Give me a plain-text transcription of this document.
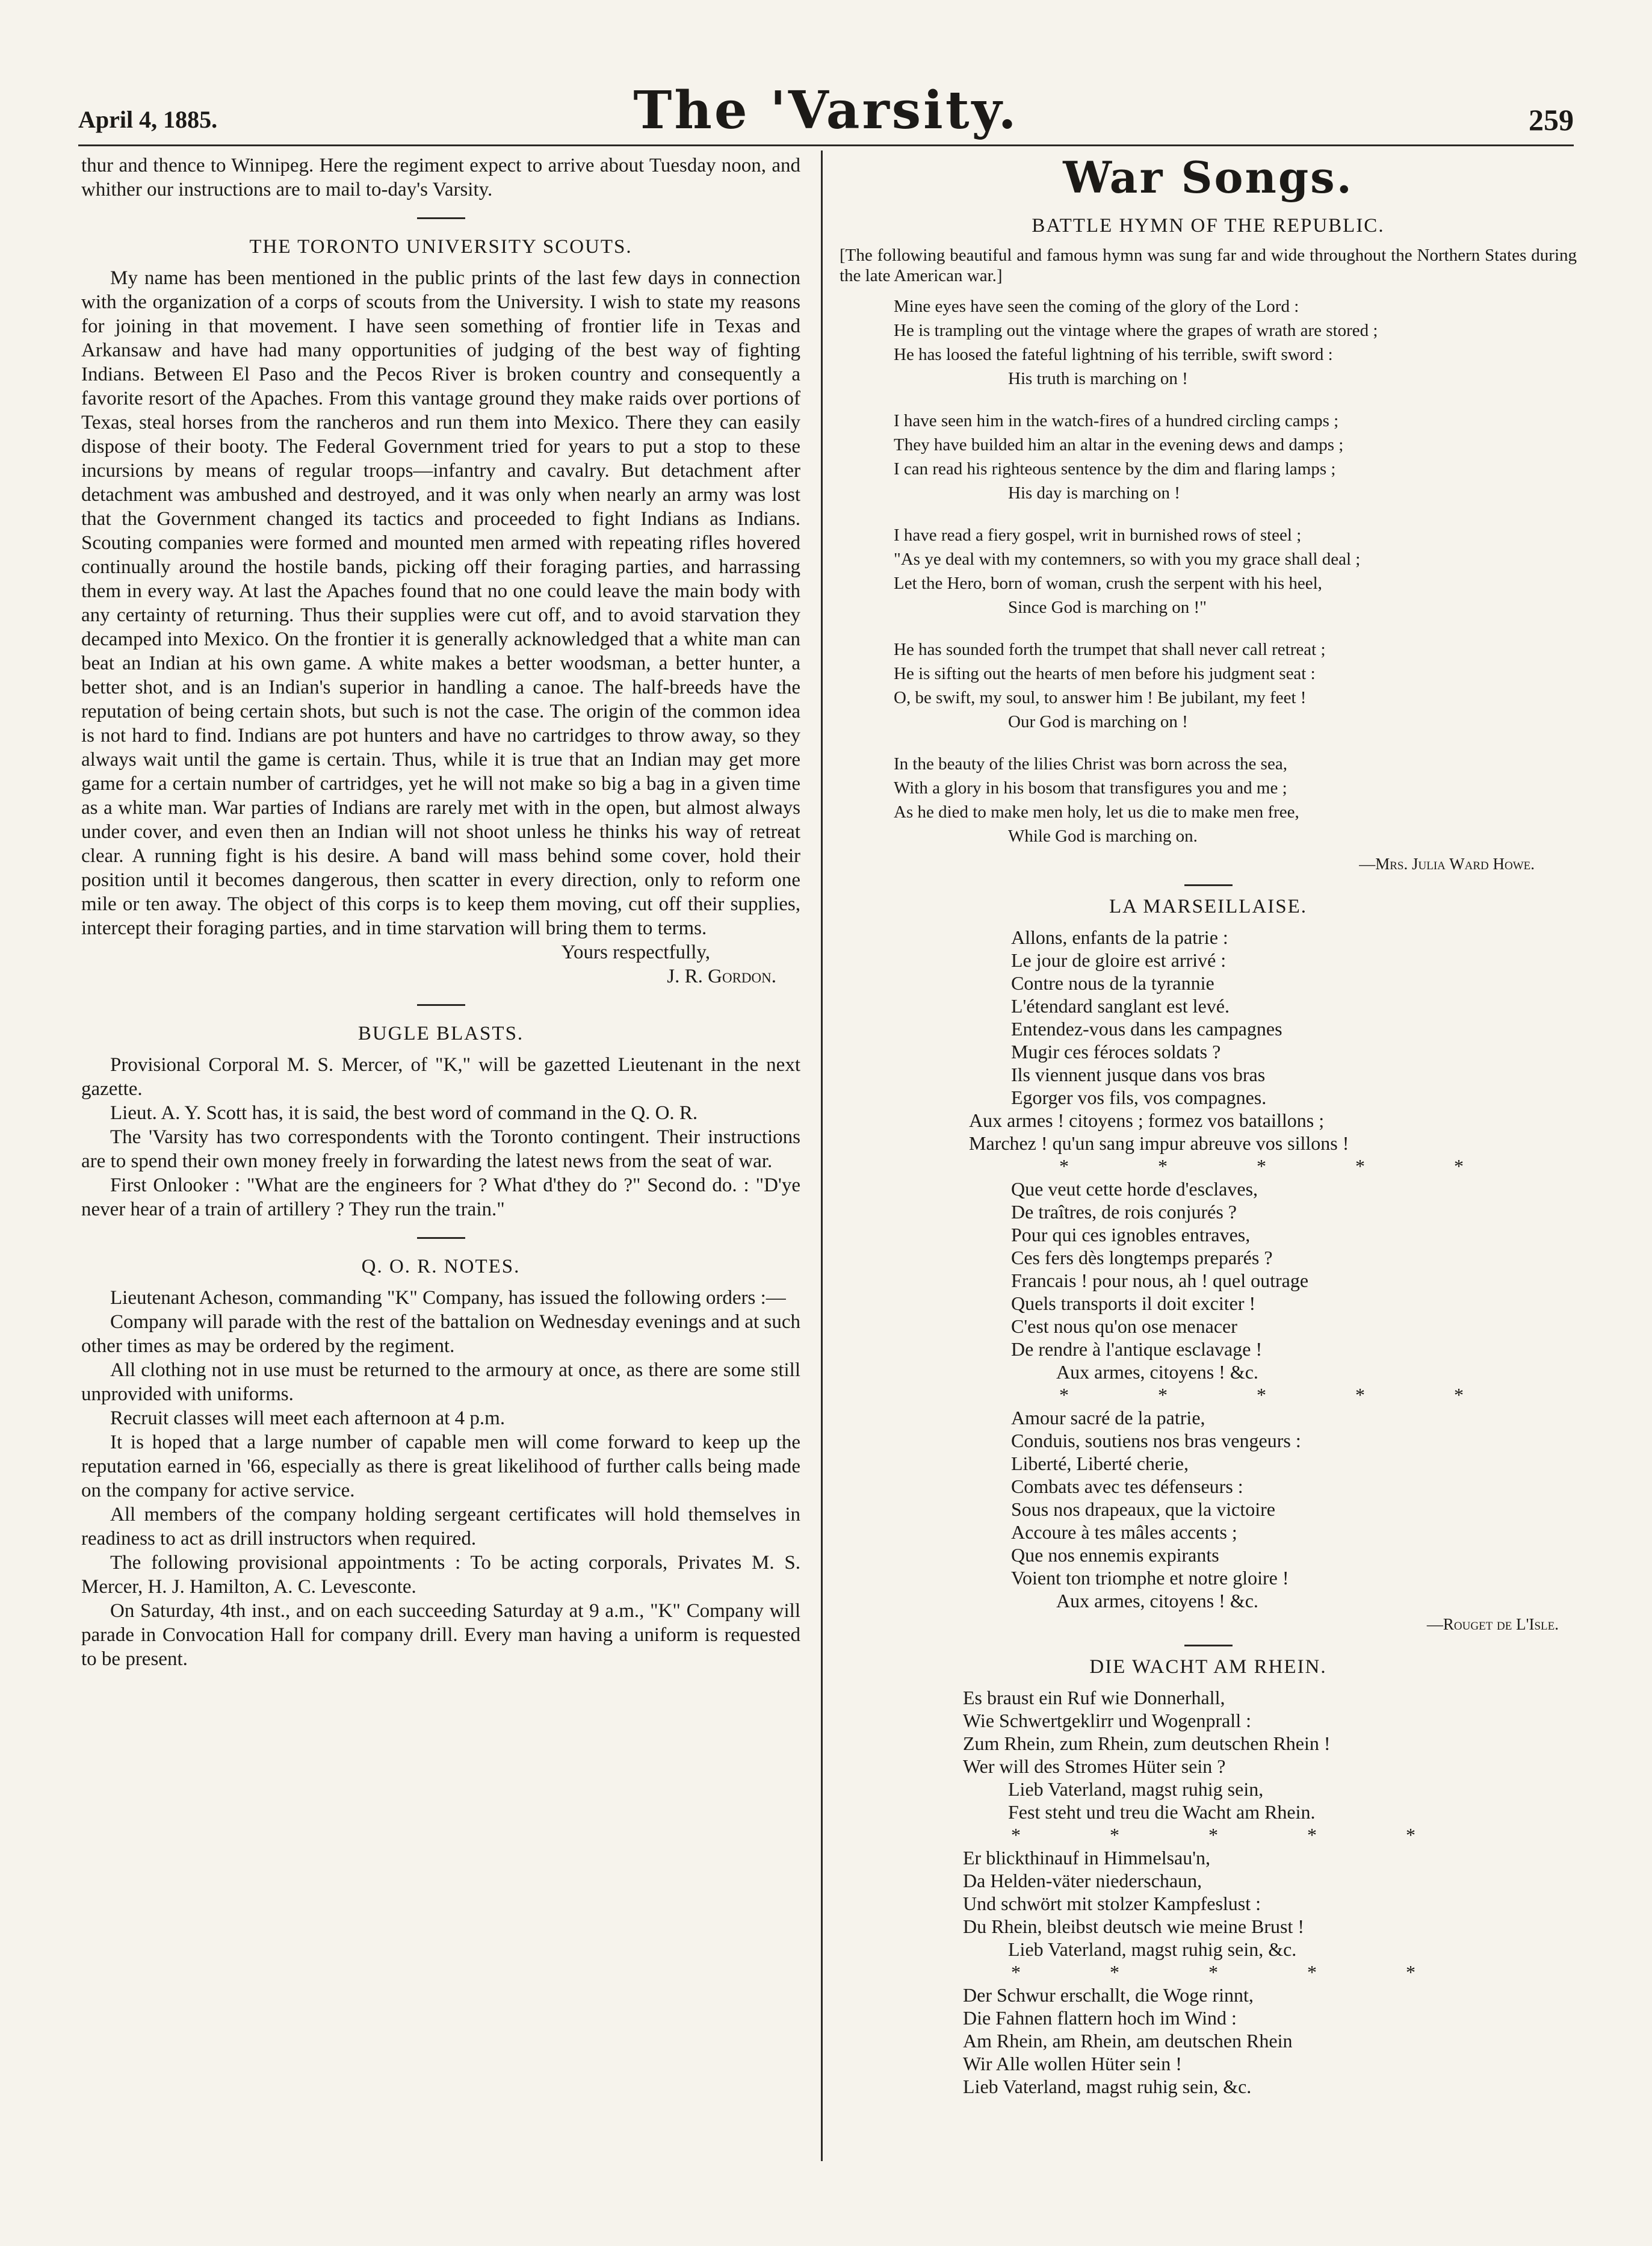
April 4, 1885.	The 'Varsity.	259

thur and thence to Winnipeg. Here the regiment expect to arrive about Tuesday noon, and whither our instructions are to mail to-day's Varsity.

THE TORONTO UNIVERSITY SCOUTS.

My name has been mentioned in the public prints of the last few days in connection with the organization of a corps of scouts from the University. I wish to state my reasons for joining in that movement. I have seen something of frontier life in Texas and Arkansaw and have had many opportunities of judging of the best way of fighting Indians. Between El Paso and the Pecos River is broken country and consequently a favorite resort of the Apaches. From this vantage ground they make raids over portions of Texas, steal horses from the rancheros and run them into Mexico. There they can easily dispose of their booty. The Federal Government tried for years to put a stop to these incursions by means of regular troops—infantry and cavalry. But detachment after detachment was ambushed and destroyed, and it was only when nearly an army was lost that the Government changed its tactics and proceeded to fight Indians as Indians. Scouting companies were formed and mounted men armed with repeating rifles hovered continually around the hostile bands, picking off their foraging parties, and harrassing them in every way. At last the Apaches found that no one could leave the main body with any certainty of returning. Thus their supplies were cut off, and to avoid starvation they decamped into Mexico. On the frontier it is generally acknowledged that a white man can beat an Indian at his own game. A white makes a better woodsman, a better hunter, a better shot, and is an Indian's superior in handling a canoe. The half-breeds have the reputation of being certain shots, but such is not the case. The origin of the common idea is not hard to find. Indians are pot hunters and have no cartridges to throw away, so they always wait until the game is certain. Thus, while it is true that an Indian may get more game for a certain number of cartridges, yet he will not make so big a bag in a given time as a white man. War parties of Indians are rarely met with in the open, but almost always under cover, and even then an Indian will not shoot unless he thinks his way of retreat clear. A running fight is his desire. A band will mass behind some cover, hold their position until it becomes dangerous, then scatter in every direction, only to reform one mile or ten away. The object of this corps is to keep them moving, cut off their supplies, intercept their foraging parties, and in time starvation will bring them to terms.

Yours respectfully,
J. R. Gordon.
BUGLE BLASTS.

Provisional Corporal M. S. Mercer, of "K," will be gazetted Lieutenant in the next gazette.

Lieut. A. Y. Scott has, it is said, the best word of command in the Q. O. R.

The 'Varsity has two correspondents with the Toronto contingent. Their instructions are to spend their own money freely in forwarding the latest news from the seat of war.

First Onlooker : "What are the engineers for ? What d'they do ?" Second do. : "D'ye never hear of a train of artillery ? They run the train."

Q. O. R. NOTES.

Lieutenant Acheson, commanding "K" Company, has issued the following orders :—

Company will parade with the rest of the battalion on Wednesday evenings and at such other times as may be ordered by the regiment.

All clothing not in use must be returned to the armoury at once, as there are some still unprovided with uniforms.

Recruit classes will meet each afternoon at 4 p.m.

It is hoped that a large number of capable men will come forward to keep up the reputation earned in '66, especially as there is great likelihood of further calls being made on the company for active service.

All members of the company holding sergeant certificates will hold themselves in readiness to act as drill instructors when required.

The following provisional appointments : To be acting corporals, Privates M. S. Mercer, H. J. Hamilton, A. C. Levesconte.

On Saturday, 4th inst., and on each succeeding Saturday at 9 a.m., "K" Company will parade in Convocation Hall for company drill. Every man having a uniform is requested to be present.

War Songs.
BATTLE HYMN OF THE REPUBLIC.

[The following beautiful and famous hymn was sung far and wide throughout the Northern States during the late American war.]

Mine eyes have seen the coming of the glory of the Lord :
He is trampling out the vintage where the grapes of wrath are stored ;
He has loosed the fateful lightning of his terrible, swift sword :
His truth is marching on !
I have seen him in the watch-fires of a hundred circling camps ;
They have builded him an altar in the evening dews and damps ;
I can read his righteous sentence by the dim and flaring lamps ;
His day is marching on !
I have read a fiery gospel, writ in burnished rows of steel ;
"As ye deal with my contemners, so with you my grace shall deal ;
Let the Hero, born of woman, crush the serpent with his heel,
Since God is marching on !"
He has sounded forth the trumpet that shall never call retreat ;
He is sifting out the hearts of men before his judgment seat :
O, be swift, my soul, to answer him ! Be jubilant, my feet !
Our God is marching on !
In the beauty of the lilies Christ was born across the sea,
With a glory in his bosom that transfigures you and me ;
As he died to make men holy, let us die to make men free,
While God is marching on.
—Mrs. Julia Ward Howe.
LA MARSEILLAISE.
Allons, enfants de la patrie :
Le jour de gloire est arrivé :
Contre nous de la tyrannie
L'étendard sanglant est levé.
Entendez-vous dans les campagnes
Mugir ces féroces soldats ?
Ils viennent jusque dans vos bras
Egorger vos fils, vos compagnes.
Aux armes ! citoyens ; formez vos bataillons ;
Marchez ! qu'un sang impur abreuve vos sillons !
* * * * *
Que veut cette horde d'esclaves,
De traîtres, de rois conjurés ?
Pour qui ces ignobles entraves,
Ces fers dès longtemps preparés ?
Francais ! pour nous, ah ! quel outrage
Quels transports il doit exciter !
C'est nous qu'on ose menacer
De rendre à l'antique esclavage !
Aux armes, citoyens ! &c.
* * * * *
Amour sacré de la patrie,
Conduis, soutiens nos bras vengeurs :
Liberté, Liberté cherie,
Combats avec tes défenseurs :
Sous nos drapeaux, que la victoire
Accoure à tes mâles accents ;
Que nos ennemis expirants
Voient ton triomphe et notre gloire !
Aux armes, citoyens ! &c.
—Rouget de L'Isle.
DIE WACHT AM RHEIN.
Es braust ein Ruf wie Donnerhall,
Wie Schwertgeklirr und Wogenprall :
Zum Rhein, zum Rhein, zum deutschen Rhein !
Wer will des Stromes Hüter sein ?
Lieb Vaterland, magst ruhig sein,
Fest steht und treu die Wacht am Rhein.
* * * * *
Er blickthinauf in Himmelsau'n,
Da Helden-väter niederschaun,
Und schwört mit stolzer Kampfeslust :
Du Rhein, bleibst deutsch wie meine Brust !
Lieb Vaterland, magst ruhig sein, &c.
* * * * *
Der Schwur erschallt, die Woge rinnt,
Die Fahnen flattern hoch im Wind :
Am Rhein, am Rhein, am deutschen Rhein
Wir Alle wollen Hüter sein !
Lieb Vaterland, magst ruhig sein, &c.
